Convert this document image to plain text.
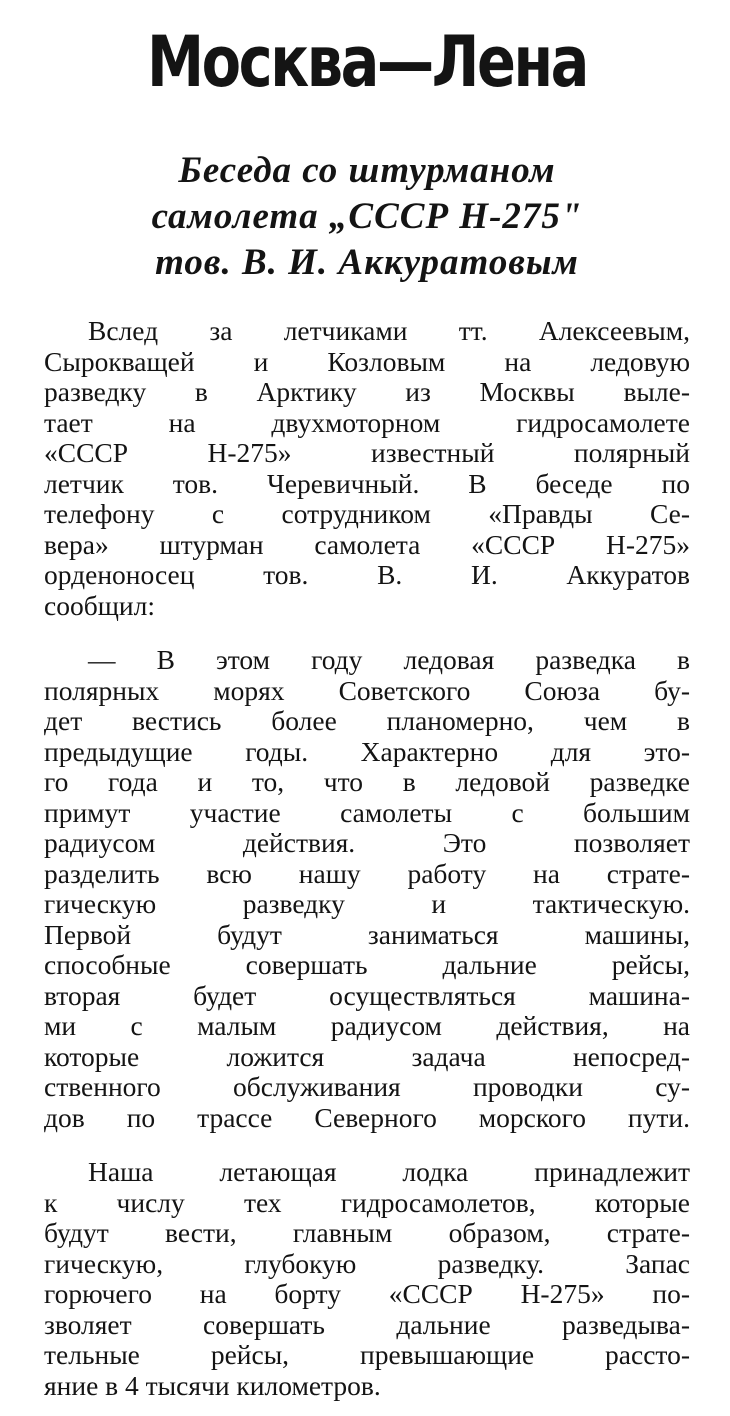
Москва—Лена
Беседа со штурманом
самолета „СССР Н-275"
тов. В. И. Аккуратовым
Вслед за летчиками тт. Алексеевым,
Сырокващей и Козловым на ледовую
разведку в Арктику из Москвы выле-
тает на двухмоторном гидросамолете
«СССР Н-275» известный полярный
летчик тов. Черевичный. В беседе по
телефону с сотрудником «Правды Се-
вера» штурман самолета «СССР Н-275»
орденоносец тов. В. И. Аккуратов
сообщил:
— В этом году ледовая разведка в
полярных морях Советского Союза бу-
дет вестись более планомерно, чем в
предыдущие годы. Характерно для это-
го года и то, что в ледовой разведке
примут участие самолеты с большим
радиусом действия. Это позволяет
разделить всю нашу работу на страте-
гическую разведку и тактическую.
Первой будут заниматься машины,
способные совершать дальние рейсы,
вторая будет осуществляться машина-
ми с малым радиусом действия, на
которые ложится задача непосред-
ственного обслуживания проводки су-
дов по трассе Северного морского пути.
Наша летающая лодка принадлежит
к числу тех гидросамолетов, которые
будут вести, главным образом, страте-
гическую, глубокую разведку. Запас
горючего на борту «СССР Н-275» по-
зволяет совершать дальние разведыва-
тельные рейсы, превышающие рассто-
яние в 4 тысячи километров.
